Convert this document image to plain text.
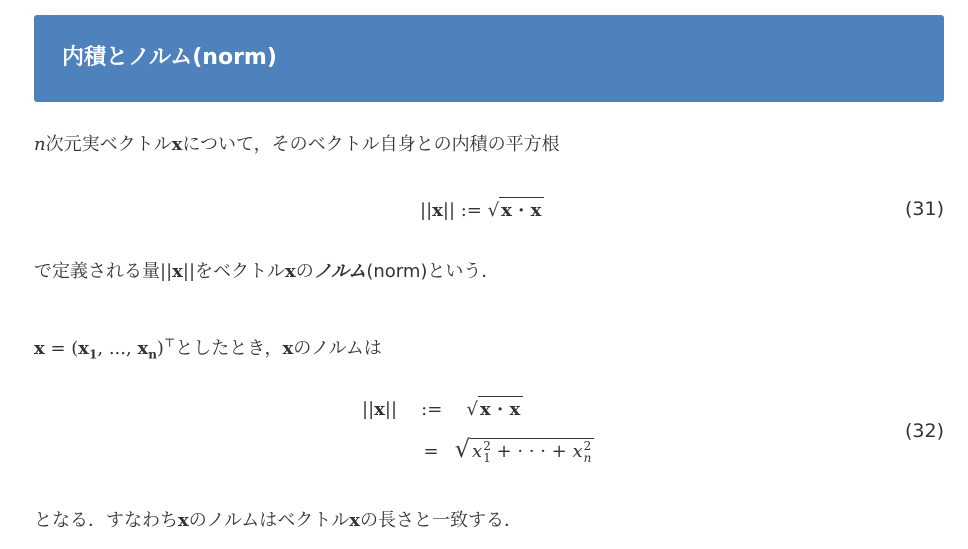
内積とノルム(norm)
n次元実ベクトルxについて，そのベクトル自身との内積の平方根
||x|| := √ x · x	(31)
で定義される量||x||をベクトルxのノルム(norm)という．
$x = (x_1$, ..., $x_n)^⊤$としたとき，xのノルムは
||x|| := √ x · x
= √ x 2
1 + · · · + x 2
n
(32)
となる．すなわちxのノルムはベクトルxの長さと一致する．
